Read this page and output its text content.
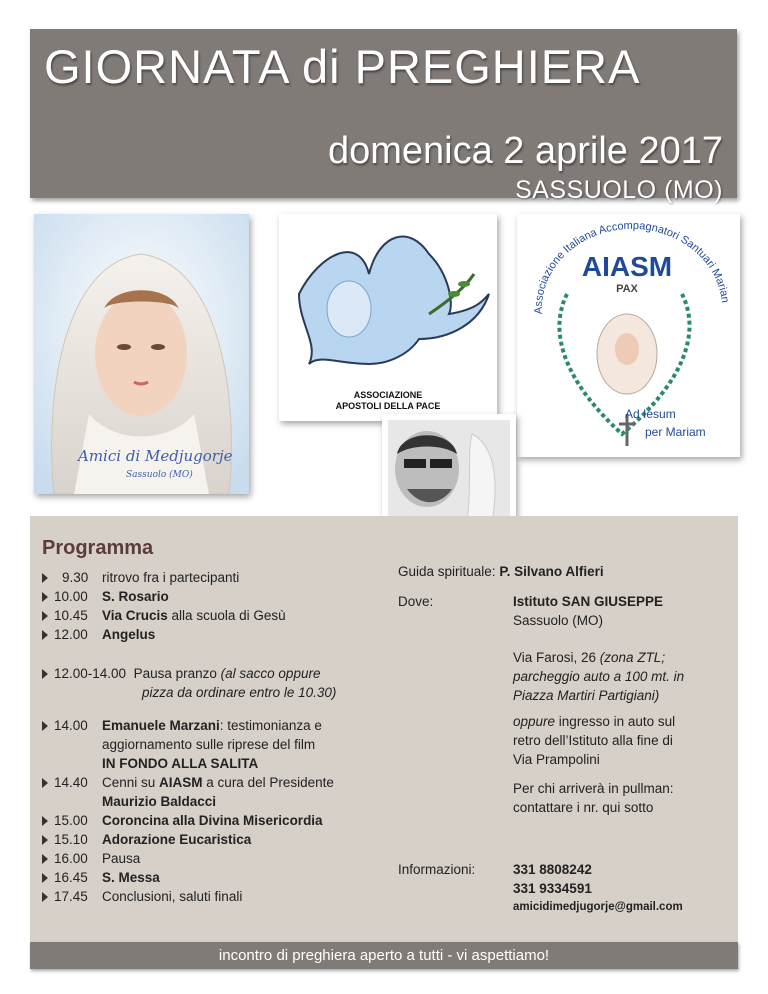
GIORNATA di PREGHIERA
domenica 2 aprile 2017
SASSUOLO (MO)
Amici di Medjugorje
Sassuolo (MO)
ASSOCIAZIONE
APOSTOLI DELLA PACE
Associazione Italiana Accompagnatori Santuari Marian
AIASM
PAX
Ad Iesum
per Mariam
Programma
9.30 ritrovo fra i partecipanti
10.00 S. Rosario
10.45 Via Crucis alla scuola di Gesù
12.00 Angelus
12.00-14.00 Pausa pranzo (al sacco oppure
pizza da ordinare entro le 10.30)
14.00 Emanuele Marzani: testimonianza e
aggiornamento sulle riprese del film
IN FONDO ALLA SALITA
14.40 Cenni su AIASM a cura del Presidente
Maurizio Baldacci
15.00 Coroncina alla Divina Misericordia
15.10 Adorazione Eucaristica
16.00 Pausa
16.45 S. Messa
17.45 Conclusioni, saluti finali
Guida spirituale: P. Silvano Alfieri
Dove:	Istituto SAN GIUSEPPE
Sassuolo (MO)
Via Farosi, 26 (zona ZTL;
parcheggio auto a 100 mt. in
Piazza Martiri Partigiani)
oppure ingresso in auto sul
retro dell’Istituto alla fine di
Via Prampolini
Per chi arriverà in pullman:
contattare i nr. qui sotto
Informazioni:	331 8808242
331 9334591
amicidimedjugorje@gmail.com
incontro di preghiera aperto a tutti - vi aspettiamo!
